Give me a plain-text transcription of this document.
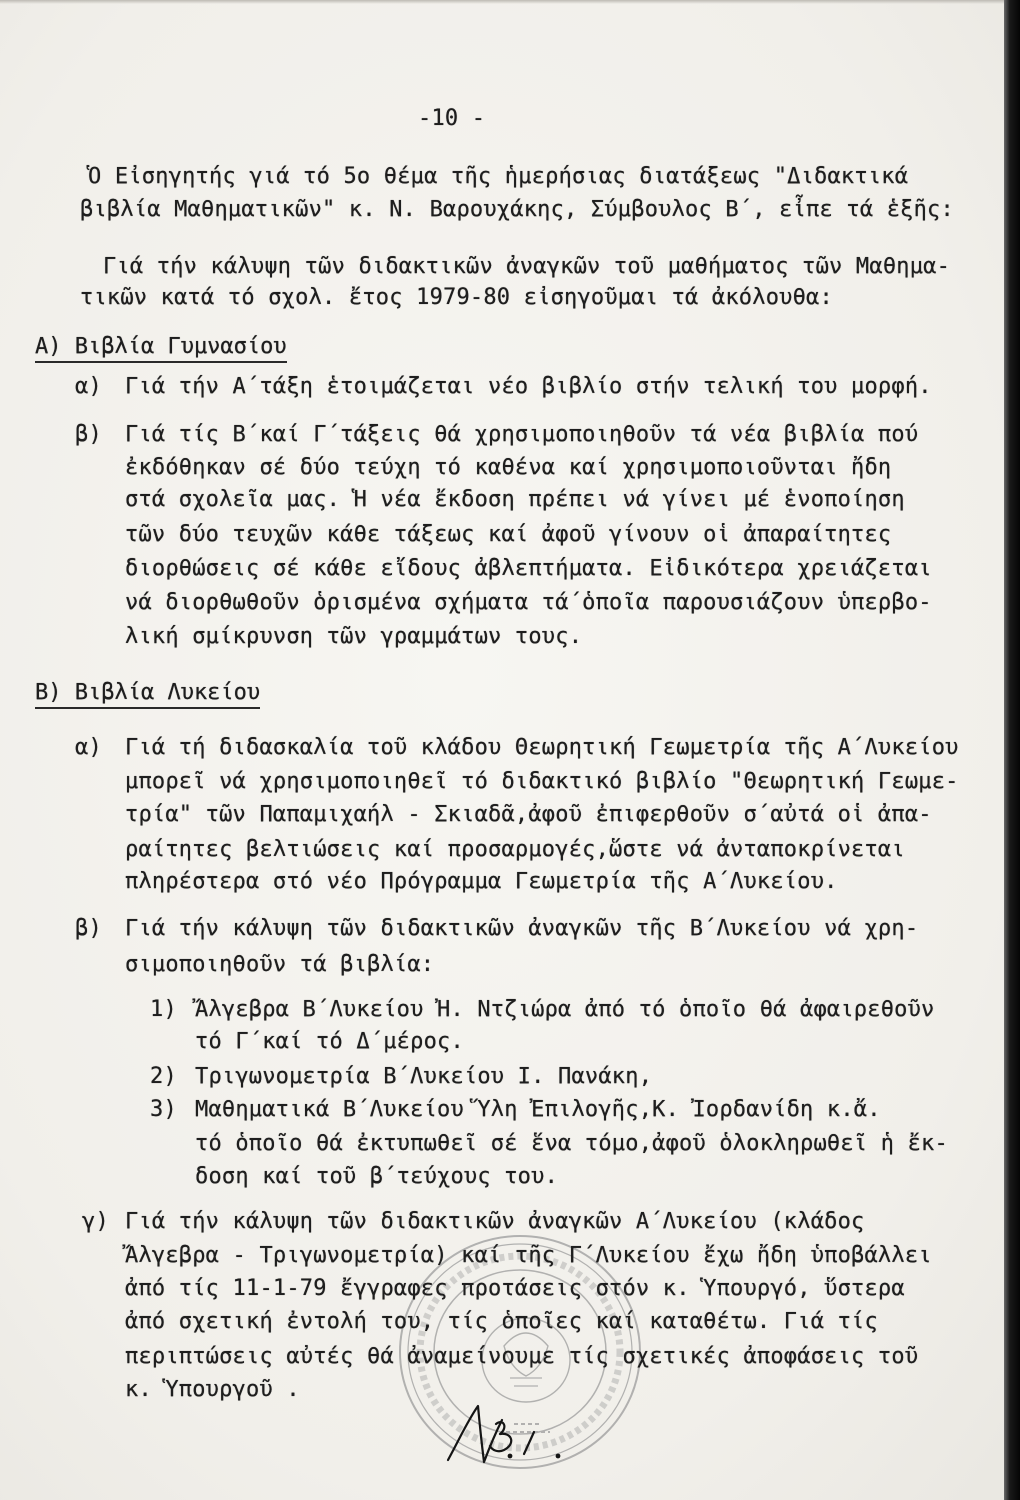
-10 -
Ὁ Εἰσηγητής γιά τό 5ο θέμα τῆς ἡμερήσιας διατάξεως "Διδακτικά
βιβλία Μαθηματικῶν" κ. Ν. Βαρουχάκης, Σύμβουλος Β΄, εἶπε τά ἑξῆς:
Γιά τήν κάλυψη τῶν διδακτικῶν ἀναγκῶν τοῦ μαθήματος τῶν Μαθημα-
τικῶν κατά τό σχολ. ἔτος 1979-80 εἰσηγοῦμαι τά ἀκόλουθα:
Α) Βιβλία Γυμνασίου
α) Γιά τήν Α΄τάξη ἑτοιμάζεται νέο βιβλίο στήν τελική του μορφή.
β) Γιά τίς Β΄καί Γ΄τάξεις θά χρησιμοποιηθοῦν τά νέα βιβλία πού
ἐκδόθηκαν σέ δύο τεύχη τό καθένα καί χρησιμοποιοῦνται ἤδη
στά σχολεῖα μας. Ἡ νέα ἔκδοση πρέπει νά γίνει μέ ἑνοποίηση
τῶν δύο τευχῶν κάθε τάξεως καί ἀφοῦ γίνουν οἱ ἀπαραίτητες
διορθώσεις σέ κάθε εἴδους ἀβλεπτήματα. Εἰδικότερα χρειάζεται
νά διορθωθοῦν ὁρισμένα σχήματα τά΄ὁποῖα παρουσιάζουν ὑπερβο-
λική σμίκρυνση τῶν γραμμάτων τους.
Β) Βιβλία Λυκείου
α) Γιά τή διδασκαλία τοῦ κλάδου Θεωρητική Γεωμετρία τῆς Α΄Λυκείου
μπορεῖ νά χρησιμοποιηθεῖ τό διδακτικό βιβλίο "Θεωρητική Γεωμε-
τρία" τῶν Παπαμιχαήλ - Σκιαδᾶ,ἀφοῦ ἐπιφερθοῦν σ΄αὐτά οἱ ἀπα-
ραίτητες βελτιώσεις καί προσαρμογές,ὥστε νά ἀνταποκρίνεται
πληρέστερα στό νέο Πρόγραμμα Γεωμετρία τῆς Α΄Λυκείου.
β) Γιά τήν κάλυψη τῶν διδακτικῶν ἀναγκῶν τῆς Β΄Λυκείου νά χρη-
σιμοποιηθοῦν τά βιβλία:
1) Ἄλγεβρα Β΄Λυκείου Ἠ. Ντζιώρα ἀπό τό ὁποῖο θά ἀφαιρεθοῦν
τό Γ΄καί τό Δ΄μέρος.
2) Τριγωνομετρία Β΄Λυκείου Ι. Πανάκη,
3) Μαθηματικά Β΄Λυκείου Ὕλη Ἐπιλογῆς,Κ. Ἰορδανίδη κ.ἄ.
τό ὁποῖο θά ἐκτυπωθεῖ σέ ἕνα τόμο,ἀφοῦ ὁλοκληρωθεῖ ἡ ἔκ-
δοση καί τοῦ β΄τεύχους του.
γ) Γιά τήν κάλυψη τῶν διδακτικῶν ἀναγκῶν Α΄Λυκείου (κλάδος
Ἄλγεβρα - Τριγωνομετρία) καί τῆς Γ΄Λυκείου ἔχω ἤδη ὑποβάλλει
ἀπό τίς 11-1-79 ἔγγραφες προτάσεις στόν κ. Ὑπουργό, ὕστερα
ἀπό σχετική ἐντολή του, τίς ὁποῖες καί καταθέτω. Γιά τίς
περιπτώσεις αὐτές θά ἀναμείνουμε τίς σχετικές ἀποφάσεις τοῦ
κ. Ὑπουργοῦ .
